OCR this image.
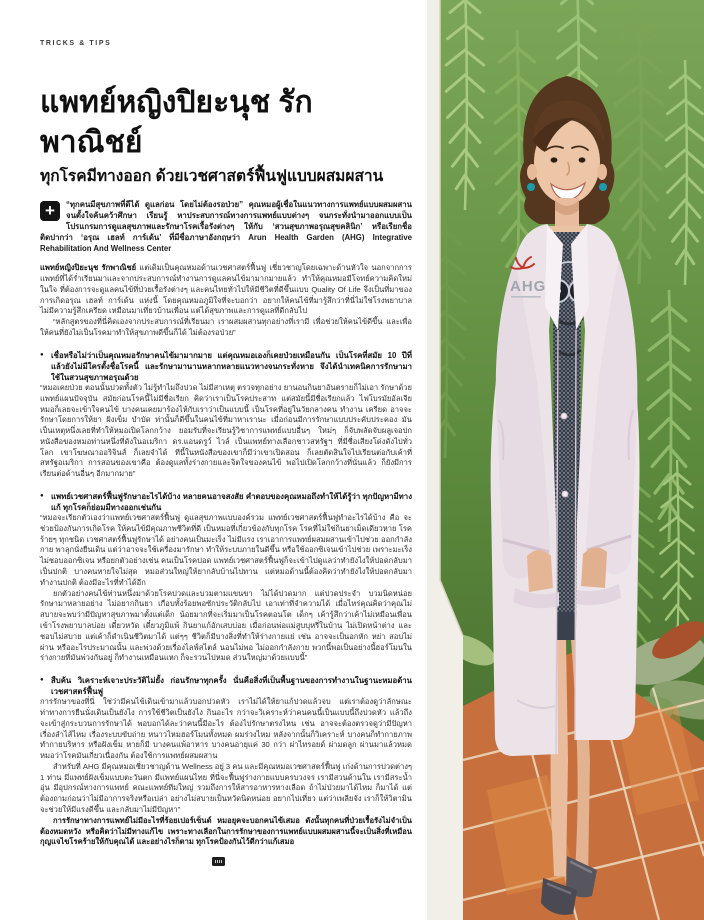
TRICKS & TIPS
แพทย์หญิงปิยะนุช รักพาณิชย์
ทุกโรคมีทางออก ด้วยเวชศาสตร์ฟื้นฟูแบบผสมผสาน
+	“ทุกคนมีสุขภาพที่ดีได้ ดูแลก่อน โดยไม่ต้องรอป่วย” คุณหมอผู้เชื่อในแนวทางการแพทย์แบบผสมผสาน จนตั้งใจค้นคว้าศึกษา เรียนรู้ หาประสบการณ์ทางการแพทย์แบบต่างๆ จนกระทั่งนำมาออกแบบเป็นโปรแกรมการดูแลสุขภาพและรักษาโรคเรื้อรังต่างๆ ให้กับ ‘สวนสุขภาพอรุณสุขคลินิก’ หรือเรียกชื่อติดปากว่า ‘อรุณ เฮลท์ การ์เด้น’ ที่มีชื่อภาษาอังกฤษว่า Arun Health Garden (AHG) Integrative Rehabilitation And Wellness Center

แพทย์หญิงปิยะนุช รักพาณิชย์ แต่เดิมเป็นคุณหมอด้านเวชศาสตร์ฟื้นฟู เชี่ยวชาญโดยเฉพาะด้านหัวใจ นอกจากการแพทย์ที่ได้ร่ำเรียนมาและจากประสบการณ์ทำงานการดูแลคนไข้มามากมายแล้ว ทำให้คุณหมอมีโจทย์ความคิดใหม่ในใจ ที่ต้องการจะดูแลคนไข้ที่ป่วยเรื้อรังต่างๆ และคนไทยทั่วไปให้มีชีวิตที่ดีขึ้นแบบ Quality Of Life จึงเป็นที่มาของการเกิดอรุณ เฮลท์ การ์เด้น แห่งนี้ โดยคุณหมอภูมิใจที่จะบอกว่า อยากให้คนไข้ที่มารู้สึกว่าที่นี่ไม่ใช่โรงพยาบาล ไม่มีความรู้สึกเครียด เหมือนมาเที่ยวบ้านเพื่อน แต่ได้สุขภาพและการดูแลที่ดีกลับไป

“หลักสูตรของที่นี่คิดเองจากประสบการณ์ที่เรียนมา เราผสมผสานทุกอย่างที่เรามี เพื่อช่วยให้คนไข้ดีขึ้น และเพื่อให้คนที่ยังไม่เป็นโรคมาทำให้สุขภาพดีขึ้นก็ได้ ไม่ต้องรอป่วย”

● เชื่อหรือไม่ว่าเป็นคุณหมอรักษาคนไข้มามากมาย แต่คุณหมอเองก็เคยป่วยเหมือนกัน เป็นโรคที่สมัย 10 ปีที่แล้วยังไม่มีใครตั้งชื่อโรคนี้ และรักษามานานหลากหลายแนวทางจนกระทั่งหาย จึงได้นำเทคนิคการรักษามาใช้ในสวนสุขภาพอรุณด้วย

“หมอเคยป่วย ตอนนั้นปวดทั้งตัว ไม่รู้ทำไมถึงปวด ไม่มีสาเหตุ ตรวจทุกอย่าง ยานอนกินยาอันตรายก็ไม่เอา รักษาด้วยแพทย์แผนปัจจุบัน สมัยก่อนโรคนี้ไม่มีชื่อเรียก คิดว่าเราเป็นโรคประสาท แต่สมัยนี้มีชื่อเรียกแล้ว ไฟโบรมัยอัลเจีย หมอก็เลยจะเข้าใจคนไข้ บางคนเคยมาร้องไห้กับเราว่าเป็นแบบนี้ เป็นโรคที่อยู่ในวัยกลางคน ทำงาน เครียด อาจจะรักษาโดยการให้ยา ฝังเข็ม บำบัด ท่านั้นก็ดีขึ้นในคนไข้ที่มาหาเรานะ เมื่อก่อนมีการรักษาแบบประคับประคอง มันเป็นเหตุหนึ่งเลยที่ทำให้หมอเปิดโลกกว้าง ยอมรับที่จะเรียนรู้วิชาการแพทย์แบบอื่นๆ ใหม่ๆ ก็จับพลัดจับผลูเจอปกหนังสือของหมอท่านหนึ่งที่ดังในอเมริกา ดร.แอนดรูว์ ไวล์ เป็นแพทย์ทางเลือกชาวสหรัฐฯ ที่มีชื่อเสียงโด่งดังไปทั่วโลก เขาโฆษณาออริจินส์ ก็เลยจำได้ ทีนี้ในหนังสือของเขาก็มีว่าเขาเปิดสอน ก็เลยตัดสินใจไปเรียนต่อกับเค้าที่สหรัฐอเมริกา การสอนของเขาคือ ต้องดูแลทั้งร่างกายและจิตใจของคนไข้ พอไปเปิดโลกกว้างที่นั่นแล้ว ก็ยังมีการเรียนต่อด้านอื่นๆ อีกมากมาย”

● แพทย์เวชศาสตร์ฟื้นฟูรักษาอะไรได้บ้าง หลายคนอาจสงสัย คำตอบของคุณหมอถึงทำให้ได้รู้ว่า ทุกปัญหามีทางแก้ ทุกโรคก็ย่อมมีทางออกเช่นกัน

“หมอจะเรียกตัวเองว่าแพทย์เวชศาสตร์ฟื้นฟู ดูแลสุขภาพแบบองค์รวม แพทย์เวชศาสตร์ฟื้นฟูทำอะไรได้บ้าง คือ จะช่วยป้องกันการเกิดโรค ให้คนไข้มีคุณภาพชีวิตที่ดี เป็นหมอที่เกี่ยวข้องกับทุกโรค โรคที่ไม่ใช่กินยาเม็ดเดียวหาย โรคร้ายๆ ทุกชนิด เวชศาสตร์ฟื้นฟูรักษาได้ อย่างคนเป็นมะเร็ง ไม่มีแรง เราเอาการแพทย์ผสมผสานเข้าไปช่วย ออกกำลังกาย พาลุกนั่งยืนเดิน แต่ว่าอาจจะใช้เครื่องมารักษา ทำให้ระบบภายในดีขึ้น หรือใช้ออกซิเจนเข้าไปช่วย เพราะมะเร็งไม่ชอบออกซิเจน หรือยกตัวอย่างเช่น คนเป็นโรคปอด แพทย์เวชศาสตร์ฟื้นฟูก็จะเข้าไปดูแลว่าทำยังไงให้ปอดกลับมาเป็นปกติ บางคนหายใจไม่สุด หมอส่วนใหญ่ให้ยากลับบ้านไปทาน แต่หมอด้านนี้ต้องคิดว่าทำยังไงให้ปอดกลับมาทำงานปกติ ต้องมีอะไรที่ทำได้อีก

ยกตัวอย่างคนไข้ท่านหนึ่งมาด้วยโรคปวดและบวมตามแขนขา ไม่ได้ปวดมาก แต่ปวดประจำ บวมนิดหน่อย รักษามาหลายอย่าง ไม่อยากกินยา เกือบทั้งร้อยพอซักประวัติกลับไป เอาเท่าที่จำความได้ เมื่อไหร่คุณคิดว่าคุณไม่สบายจะพบว่ามีปัญหาสุขภาพมาตั้งแต่เด็ก น้อยมากที่จะเริ่มมาเป็นโรคตอนโต เด็กๆ เค้ารู้สึกว่าเค้าไม่เหมือนเพื่อน เข้าโรงพยาบาลบ่อย เดี๋ยวหวัด เดี๋ยวภูมิแพ้ กินยาแก้อักเสบบ่อย เมื่อก่อนพ่อแม่สูบบุหรี่ในบ้าน ไม่เปิดหน้าต่าง และชอบไม่สบาย แต่เค้าก็ดำเนินชีวิตมาได้ แต่ๆๆ ชีวิตก็มีบางสิ่งที่ทำให้ร่างกายแย่ เช่น อาจจะเป็นอกหัก หย่า สอบไม่ผ่าน หรืออะไรประมาณนั้น และพ่วงด้วยเรื่องไลฟ์สไตล์ นอนไม่พอ ไม่ออกกำลังกาย พวกนี้พอเป็นอย่างนี้ฮอร์โมนในร่างกายที่มันพ่วงกันอยู่ ก็ทำงานเหมือนแหก ก็จะรวนไปหมด ส่วนใหญ่มาด้วยแบบนี้”

● สืบค้น วิเคราะห์เจาะประวัติไม่ยั้ง ก่อนรักษาทุกครั้ง นั่นคือสิ่งที่เป็นพื้นฐานของการทำงานในฐานะหมอด้านเวชศาสตร์ฟื้นฟู

การรักษาของที่นี่ ใช่ว่ามีคนไข้เดินเข้ามาแล้วบอกปวดหัว เราไม่ได้ให้ยาแก้ปวดแล้วจบ แต่เราต้องดูว่าลักษณะท่าทางการยืนนั่งเดินเป็นยังไง การใช้ชีวิตเป็นยังไง กินอะไร กว่าจะวิเคราะห์ว่าคนคนนี้เป็นแบบนี้ถึงปวดหัว แล้วถึงจะเข้าสู่กระบวนการรักษาได้ พอบอกได้ละว่าคนนี้มีอะไร ต้องไปรักษาตรงไหน เช่น อาจจะต้องตรวจดูว่ามีปัญหาเรื่องลำไส้ไหม เรื่องระบบขับถ่าย หนาวไหมฮอร์โมนทั้งหมด ผมร่วงไหม หลังจากนั้นก็วิเคราะห์ บางคนก็ทำกายภาพ ทำกายบริหาร หรือฝังเข็ม หายก็มี บางคนแพ้อาหาร บางคนอายุแค่ 30 กว่า ผ่าไทรอยด์ ผ่ามดลูก ผ่านมาแล้วหมด หมอว่าโรคมันเกี่ยวเนื่องกัน ต้องใช้การแพทย์ผสมผสาน

สำหรับที่ AHG มีคุณหมอเชี่ยวชาญด้าน Wellness อยู่ 3 คน และมีคุณหมอเวชศาสตร์ฟื้นฟู เก่งด้านการปวดต่างๆ 1 ท่าน มีแพทย์ฝังเข็มแบบตะวันตก มีแพทย์แผนไทย ที่นี่จะฟื้นฟูร่างกายแบบครบวงจร เรามีสวนด้านใน เรามีสระน้ำอุ่น มีอุปกรณ์ทางการแพทย์ คณะแพทย์ทีมใหญ่ รวมถึงการให้สารอาหารทางเลือด ถ้าไม่ป่วยมาได้ไหม ก็มาได้ แต่ต้องถามก่อนว่าไม่มีอาการจริงหรือเปล่า อย่างไม่สบายเป็นหวัดนิดหน่อย อยากไปเที่ยว แต่ว่าเพลียจัง เราก็ให้วิตามินจะช่วยให้มีแรงดีขึ้น และกลับมาไม่มีปัญหา”

การรักษาทางการแพทย์ไม่มีอะไรที่ร้อยเปอร์เซ็นต์ หมอยุคจะบอกคนไข้เสมอ ดังนั้นทุกคนที่ป่วยเรื้อรังไม่จำเป็นต้องหมดหวัง หรือคิดว่าไม่มีทางแก้ไข เพราะทางเลือกในการรักษาของการแพทย์แบบผสมผสานนี้จะเป็นสิ่งที่เหมือนกุญแจไขโรคร้ายให้กับคุณได้ และอย่างไรก็ตาม ทุกโรคป้องกันไว้ดีกว่าแก้เสมอ

AHG
